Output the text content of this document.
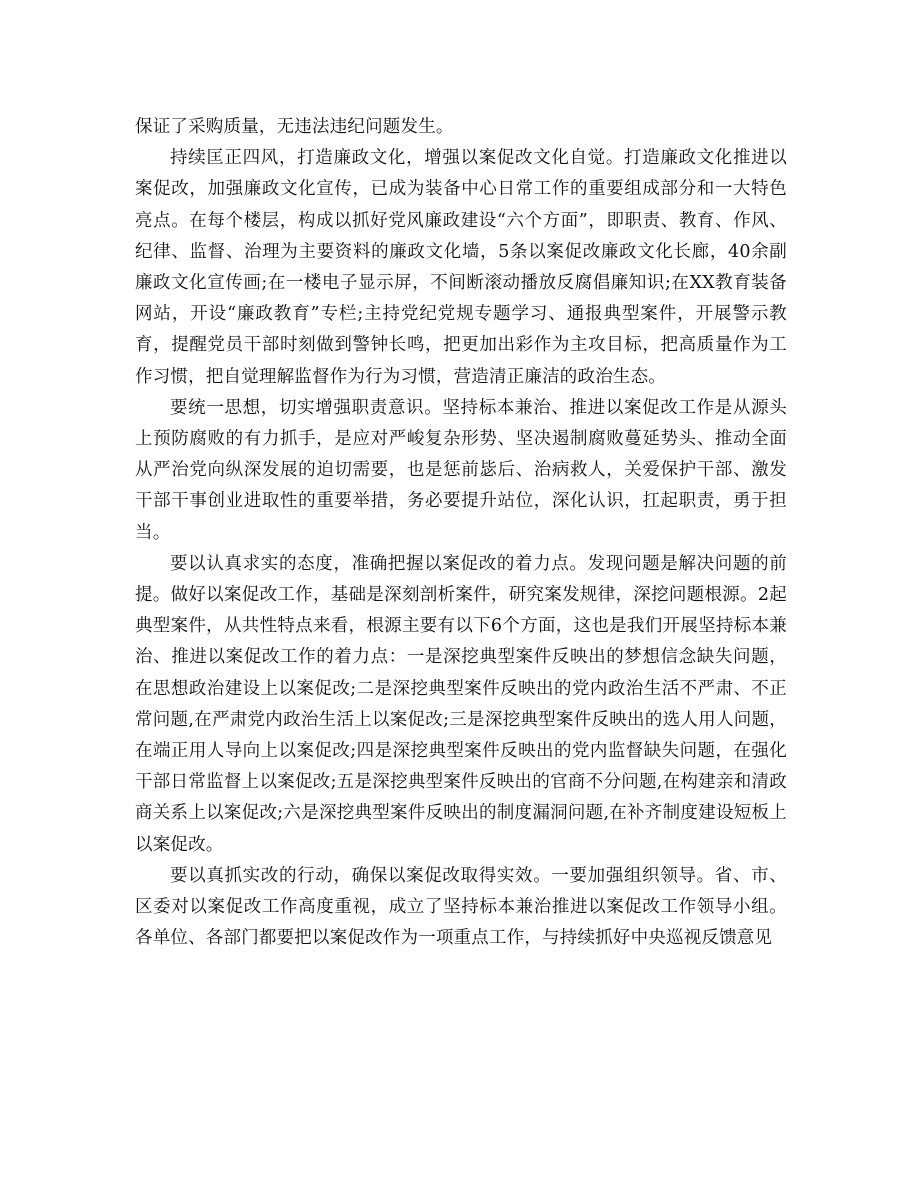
保证了采购质量，无违法违纪问题发生。

持续匡正四风，打造廉政文化，增强以案促改文化自觉。打造廉政文化推进以案促改，加强廉政文化宣传，已成为装备中心日常工作的重要组成部分和一大特色亮点。在每个楼层，构成以抓好党风廉政建设“六个方面”，即职责、教育、作风、纪律、监督、治理为主要资料的廉政文化墙，5条以案促改廉政文化长廊，40余副廉政文化宣传画;在一楼电子显示屏，不间断滚动播放反腐倡廉知识;在XX教育装备网站，开设“廉政教育”专栏;主持党纪党规专题学习、通报典型案件，开展警示教育，提醒党员干部时刻做到警钟长鸣，把更加出彩作为主攻目标，把高质量作为工作习惯，把自觉理解监督作为行为习惯，营造清正廉洁的政治生态。

要统一思想，切实增强职责意识。坚持标本兼治、推进以案促改工作是从源头上预防腐败的有力抓手，是应对严峻复杂形势、坚决遏制腐败蔓延势头、推动全面从严治党向纵深发展的迫切需要，也是惩前毖后、治病救人，关爱保护干部、激发干部干事创业进取性的重要举措，务必要提升站位，深化认识，扛起职责，勇于担当。

要以认真求实的态度，准确把握以案促改的着力点。发现问题是解决问题的前提。做好以案促改工作，基础是深刻剖析案件，研究案发规律，深挖问题根源。2起典型案件，从共性特点来看，根源主要有以下6个方面，这也是我们开展坚持标本兼治、推进以案促改工作的着力点：一是深挖典型案件反映出的梦想信念缺失问题，在思想政治建设上以案促改;二是深挖典型案件反映出的党内政治生活不严肃、不正常问题,在严肃党内政治生活上以案促改;三是深挖典型案件反映出的选人用人问题，在端正用人导向上以案促改;四是深挖典型案件反映出的党内监督缺失问题，在强化干部日常监督上以案促改;五是深挖典型案件反映出的官商不分问题,在构建亲和清政商关系上以案促改;六是深挖典型案件反映出的制度漏洞问题,在补齐制度建设短板上以案促改。

要以真抓实改的行动，确保以案促改取得实效。一要加强组织领导。省、市、区委对以案促改工作高度重视，成立了坚持标本兼治推进以案促改工作领导小组。各单位、各部门都要把以案促改作为一项重点工作，与持续抓好中央巡视反馈意见
